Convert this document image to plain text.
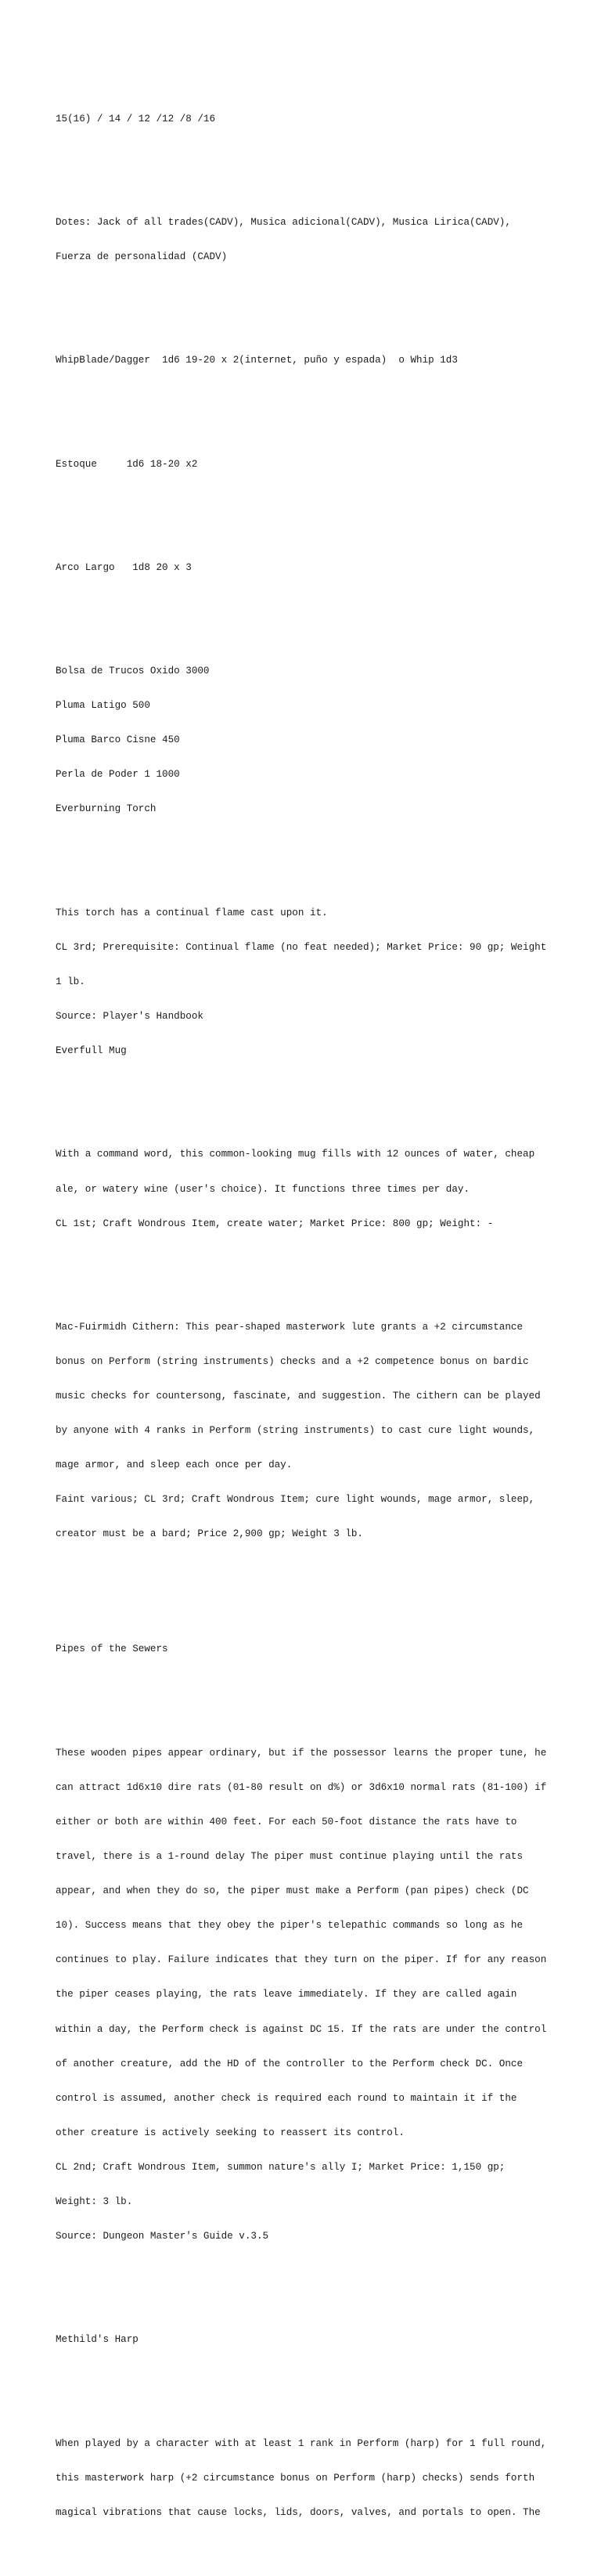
15(16) / 14 / 12 /12 /8 /16

Dotes: Jack of all trades(CADV), Musica adicional(CADV), Musica Lirica(CADV),

Fuerza de personalidad (CADV)

WhipBlade/Dagger  1d6 19-20 x 2(internet, puño y espada)  o Whip 1d3

Estoque     1d6 18-20 x2

Arco Largo   1d8 20 x 3

Bolsa de Trucos Oxido 3000

Pluma Latigo 500

Pluma Barco Cisne 450

Perla de Poder 1 1000

Everburning Torch

This torch has a continual flame cast upon it.

CL 3rd; Prerequisite: Continual flame (no feat needed); Market Price: 90 gp; Weight

1 lb.

Source: Player's Handbook

Everfull Mug

With a command word, this common-looking mug fills with 12 ounces of water, cheap

ale, or watery wine (user's choice). It functions three times per day.

CL 1st; Craft Wondrous Item, create water; Market Price: 800 gp; Weight: -

Mac-Fuirmidh Cithern: This pear-shaped masterwork lute grants a +2 circumstance

bonus on Perform (string instruments) checks and a +2 competence bonus on bardic

music checks for countersong, fascinate, and suggestion. The cithern can be played

by anyone with 4 ranks in Perform (string instruments) to cast cure light wounds,

mage armor, and sleep each once per day.

Faint various; CL 3rd; Craft Wondrous Item; cure light wounds, mage armor, sleep,

creator must be a bard; Price 2,900 gp; Weight 3 lb.

Pipes of the Sewers

These wooden pipes appear ordinary, but if the possessor learns the proper tune, he

can attract 1d6x10 dire rats (01-80 result on d%) or 3d6x10 normal rats (81-100) if

either or both are within 400 feet. For each 50-foot distance the rats have to

travel, there is a 1-round delay The piper must continue playing until the rats

appear, and when they do so, the piper must make a Perform (pan pipes) check (DC

10). Success means that they obey the piper's telepathic commands so long as he

continues to play. Failure indicates that they turn on the piper. If for any reason

the piper ceases playing, the rats leave immediately. If they are called again

within a day, the Perform check is against DC 15. If the rats are under the control

of another creature, add the HD of the controller to the Perform check DC. Once

control is assumed, another check is required each round to maintain it if the

other creature is actively seeking to reassert its control.

CL 2nd; Craft Wondrous Item, summon nature's ally I; Market Price: 1,150 gp;

Weight: 3 lb.

Source: Dungeon Master's Guide v.3.5

Methild's Harp

When played by a character with at least 1 rank in Perform (harp) for 1 full round,

this masterwork harp (+2 circumstance bonus on Perform (harp) checks) sends forth

magical vibrations that cause locks, lids, doors, valves, and portals to open. The
